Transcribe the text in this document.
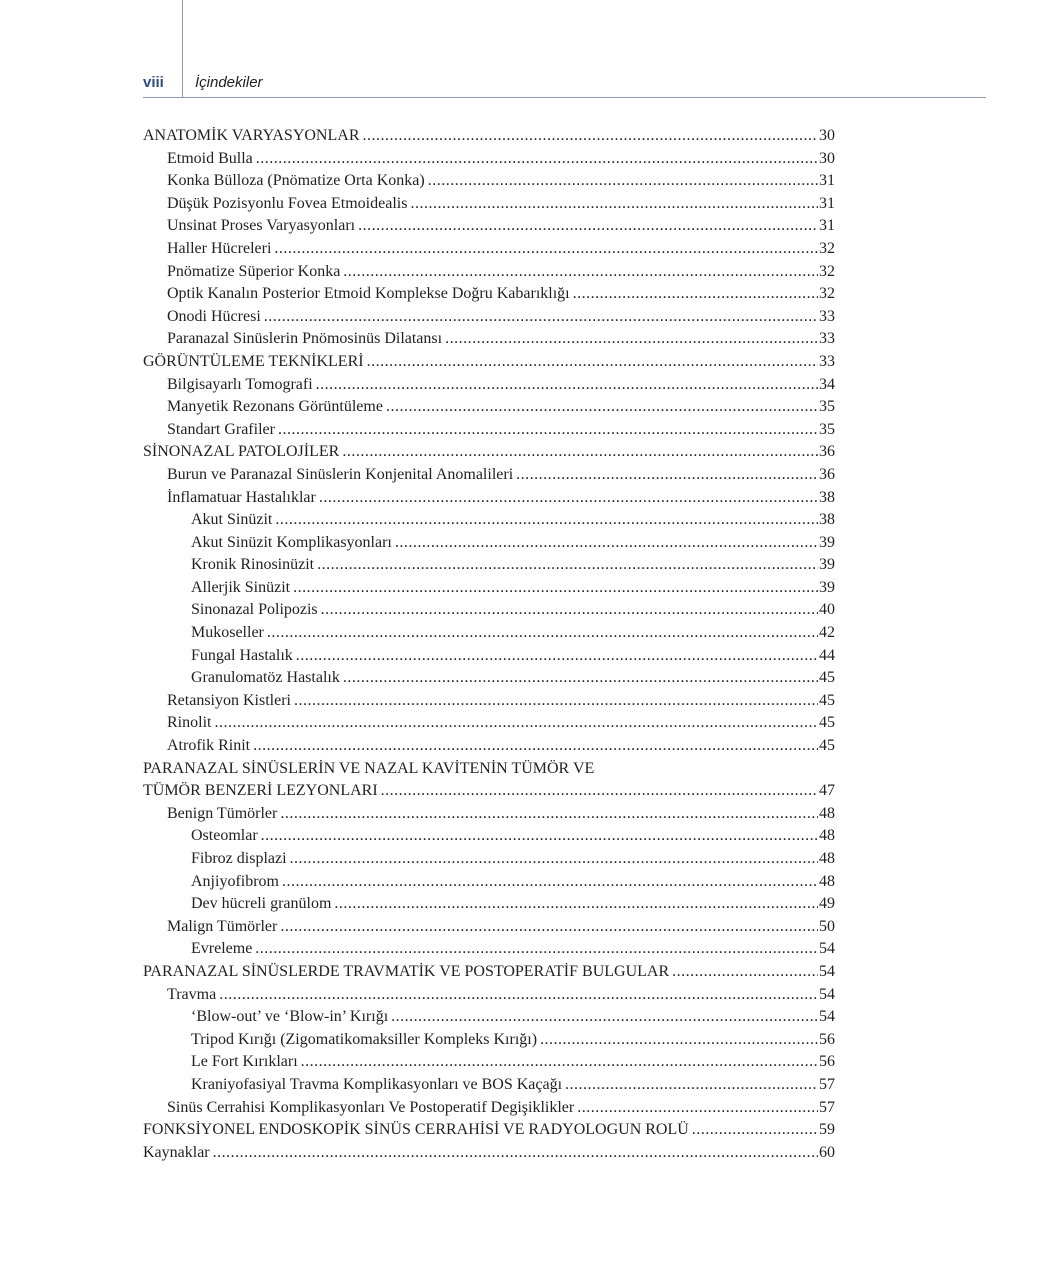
viii İçindekiler
ANATOMİK VARYASYONLAR .....	30
Etmoid Bulla .....	30
Konka Bülloza (Pnömatize Orta Konka) .....	31
Düşük Pozisyonlu Fovea Etmoidealis .....	31
Unsinat Proses Varyasyonları .....	31
Haller Hücreleri .....	32
Pnömatize Süperior Konka .....	32
Optik Kanalın Posterior Etmoid Komplekse Doğru Kabarıklığı .....	32
Onodi Hücresi .....	33
Paranazal Sinüslerin Pnömosinüs Dilatansı .....	33
GÖRÜNTÜLEME TEKNİKLERİ .....	33
Bilgisayarlı Tomografi .....	34
Manyetik Rezonans Görüntüleme .....	35
Standart Grafiler .....	35
SİNONAZAL PATOLOJİLER .....	36
Burun ve Paranazal Sinüslerin Konjenital Anomalileri .....	36
İnflamatuar Hastalıklar .....	38
Akut Sinüzit .....	38
Akut Sinüzit Komplikasyonları .....	39
Kronik Rinosinüzit .....	39
Allerjik Sinüzit .....	39
Sinonazal Polipozis .....	40
Mukoseller .....	42
Fungal Hastalık .....	44
Granulomatöz Hastalık .....	45
Retansiyon Kistleri .....	45
Rinolit .....	45
Atrofik Rinit .....	45
PARANAZAL SİNÜSLERİN VE NAZAL KAVİTENİN TÜMÖR VE
TÜMÖR BENZERİ LEZYONLARI .....	47
Benign Tümörler .....	48
Osteomlar .....	48
Fibroz displazi .....	48
Anjiyofibrom .....	48
Dev hücreli granülom .....	49
Malign Tümörler .....	50
Evreleme .....	54
PARANAZAL SİNÜSLERDE TRAVMATİK VE POSTOPERATİF BULGULAR .....	54
Travma .....	54
‘Blow-out’ ve ‘Blow-in’ Kırığı .....	54
Tripod Kırığı (Zigomatikomaksiller Kompleks Kırığı) .....	56
Le Fort Kırıkları .....	56
Kraniyofasiyal Travma Komplikasyonları ve BOS Kaçağı .....	57
Sinüs Cerrahisi Komplikasyonları Ve Postoperatif Degişiklikler .....	57
FONKSİYONEL ENDOSKOPİK SİNÜS CERRAHİSİ VE RADYOLOGUN ROLÜ .....	59
Kaynaklar .....	60
